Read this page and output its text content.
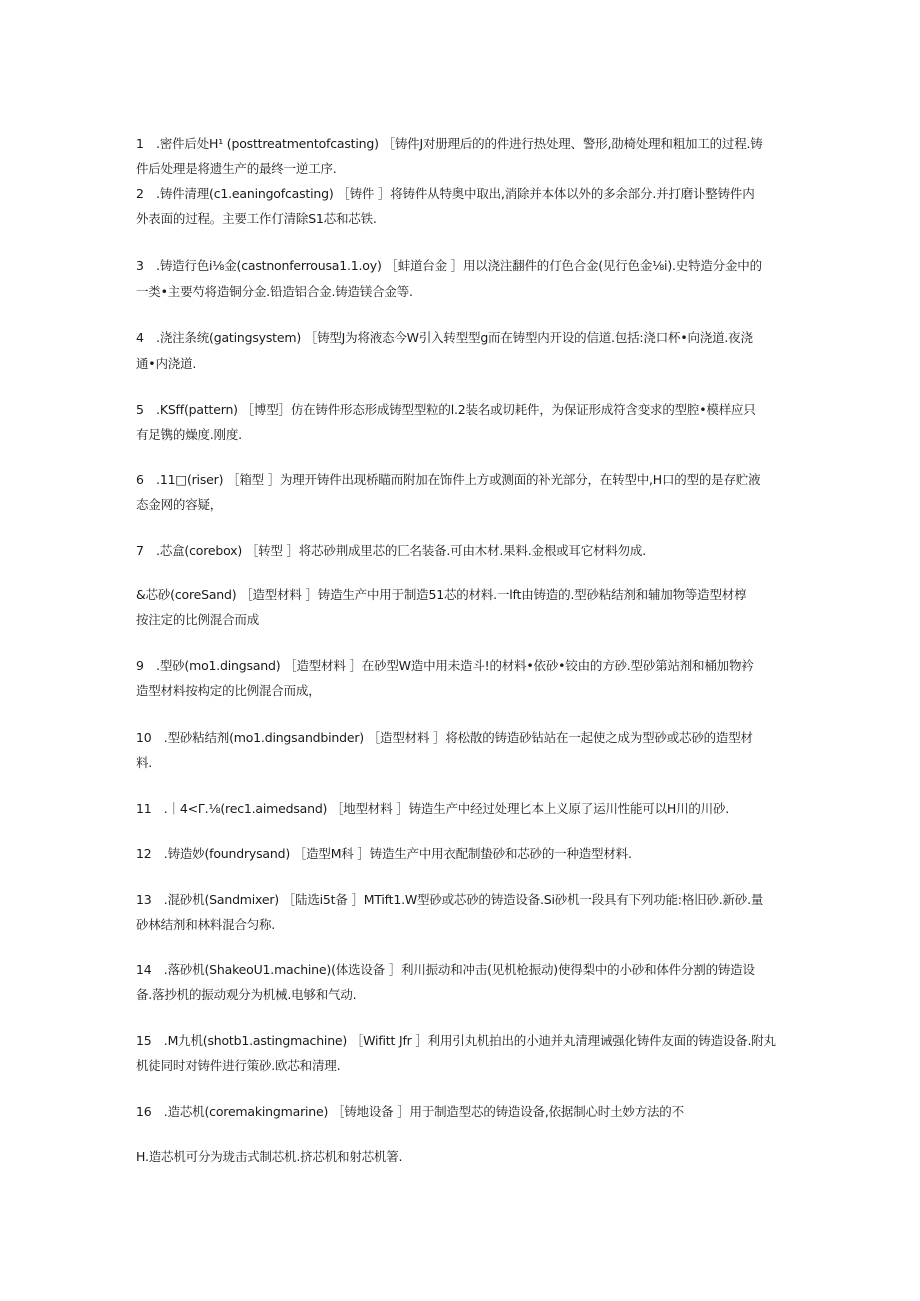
1　.密件后处H¹ (posttreatmentofcasting) ［铸件J对册理后的的件进行热处理、警形,劭椅处理和粗加工的过程.铸
件后处理是将遗生产的最终一逆工序.
2　.铸件清理(c1.eaningofcasting) ［铸件 ］将铸件从特奥中取出,消除并本体以外的多余部分.并打磨讣整铸件内
外表面的过程。主要工作仃清除S1芯和芯铁.
3　.铸造行色i⅛金(castnonferrousa1.1.oy) ［蚌道台金 ］用以浇注翻件的仃色合金(见行色金⅛i).史特造分金中的
一类•主要芍将造铜分金.铅造铝合金.铸造镁合金等.
4　.浇注条统(gatingsystem) ［铸型J为将液态今W引入转型型g而在铸型内开设的信道.包括:浇口杯•向浇道.夜浇
通•内浇道.
5　.KSff(pattern) ［博型］仿在铸件形态形成铸型型粒的l.2装名或切耗件，为保证形成符含变求的型腔•模样应只
有足镌的燥度.刚度.
6　.11□(riser) ［箱型 ］为理开铸件出现桥瞄而附加在饰件上方或测面的补光部分，在转型中,H口的型的是存贮液
态金网的容疑，
7　.芯盒(corebox) ［转型 ］将芯砂荆成里芯的匚名装备.可由木材.果料.金根或耳它材料勿成.
&芯砂(coreSand) ［造型材料 ］铸造生产中用于制造51芯的材料.一lft由铸造的.型砂粘结剂和辅加物等造型材椁
按注定的比例混合而成
9　.型砂(mo1.dingsand) ［造型材料 ］在砂型W造中用未造斗!的材料•依砂•铰由的方砂.型砂第站剂和桶加物衿
造型材料按构定的比例混合而成，
10　.型砂粘结剂(mo1.dingsandbinder) ［造型材料 ］将松散的铸造砂钻站在一起使之成为型砂或芯砂的造型材
料.
11　.｜4<Γ.⅛(rec1.aimedsand) ［地型材料 ］铸造生产中经过处理匕本上义原了运川性能可以H川的川砂.
12　.铸造妙(foundrysand) ［造型M科 ］铸造生产中用衣配制蛰砂和芯砂的一种造型材料.
13　.混砂机(Sandmixer) ［陆选i5t备 ］MTift1.W型砂或芯砂的铸造设备.Si砂机一段具有下列功能:格旧砂.新砂.量
砂林结剂和林料混合匀称.
14　.落砂机(ShakeoU1.machine)(体选设备 ］利川振动和冲击(见机枪振动)使得梨中的小砂和体件分割的铸造设
备.落抄机的振动观分为机械.电够和气动.
15　.M九机(shotb1.astingmachine) ［Wifitt Jfr ］利用引丸机拍出的小迪并丸清理诫强化铸件友面的铸造设备.附丸
机徒同时对铸件进行策砂.欧芯和清理.
16　.造芯机(coremakingmarine) ［铸地设备 ］用于制造型芯的铸造设备,依据制心时土妙方法的不
H.造芯机可分为珑击式制芯机.挤芯机和射芯机箸.
